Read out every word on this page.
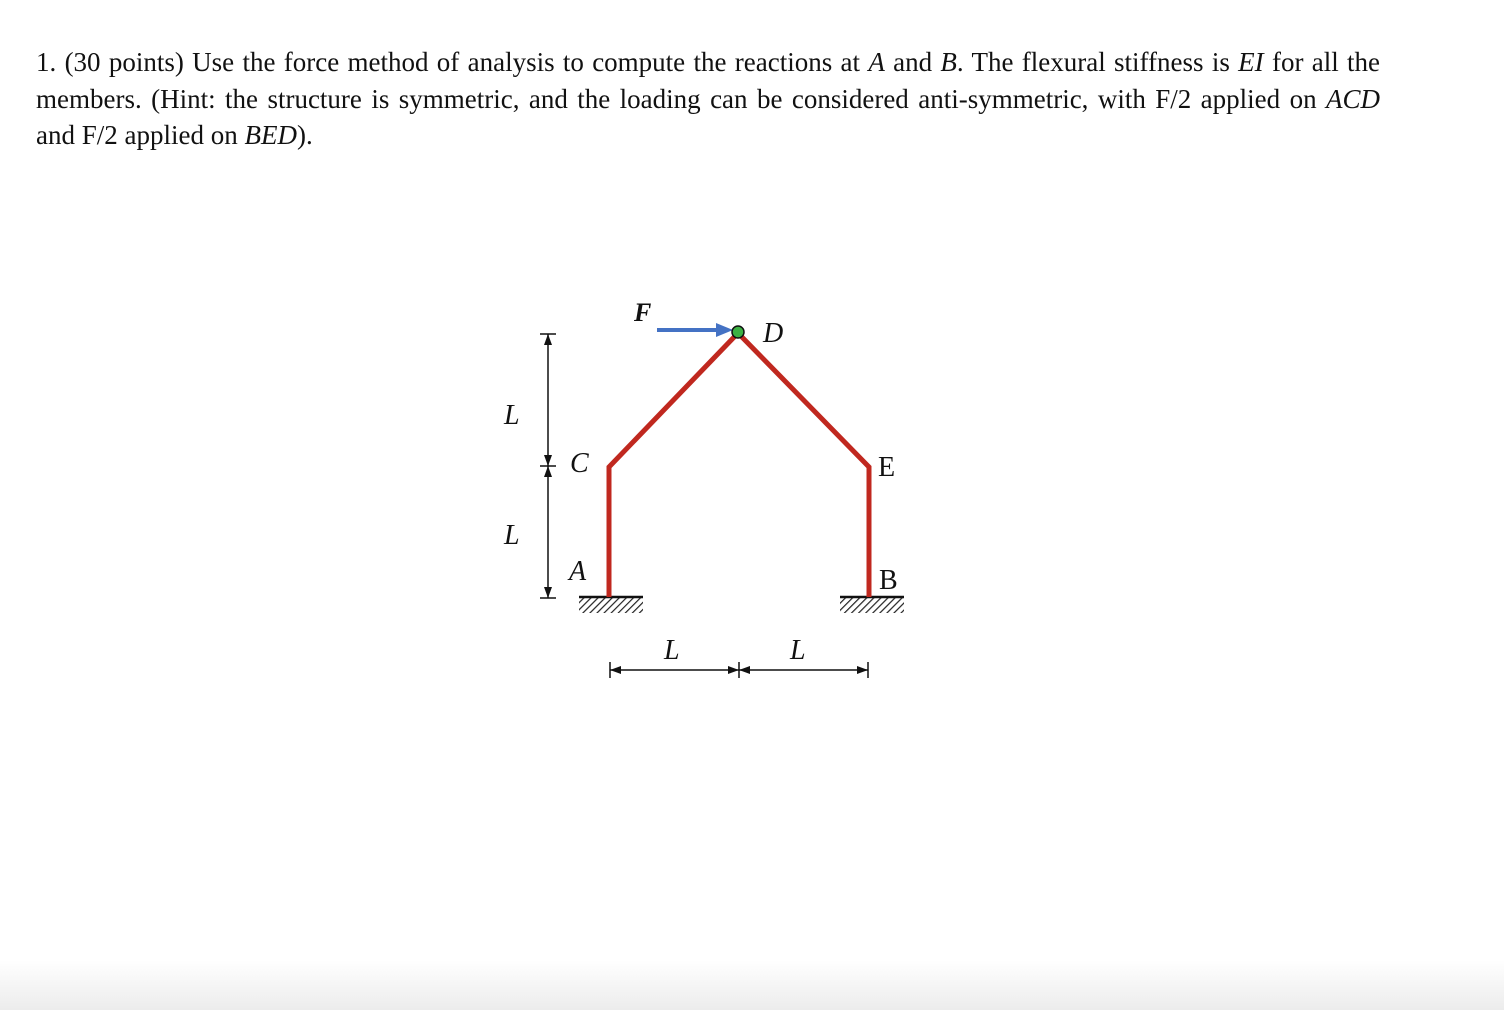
1. (30 points) Use the force method of analysis to compute the reactions at A and B. The flexural stiffness is EI for all the members. (Hint: the structure is symmetric, and the loading can be considered anti-symmetric, with F/2 applied on ACD and F/2 applied on BED).

F
D
C	E
A	B
L
L
L	L
